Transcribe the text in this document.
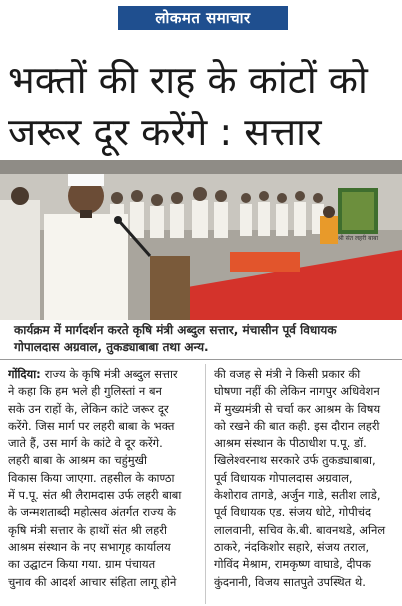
लोकमत समाचार
भक्तों की राह के कांटों को
जरूर दूर करेंगे : सत्तार
श्री संत लहरी बाबा
कार्यक्रम में मार्गदर्शन करते कृषि मंत्री अब्दुल सत्तार, मंचासीन पूर्व विधायक
गोपालदास अग्रवाल, तुकड्याबाबा तथा अन्य.
गोंदिया: राज्य के कृषि मंत्री अब्दुल सत्तार
ने कहा कि हम भले ही गुलिस्तां न बन
सके उन राहों के, लेकिन कांटे जरूर दूर
करेंगे. जिस मार्ग पर लहरी बाबा के भक्त
जाते हैं, उस मार्ग के कांटे वे दूर करेंगे.
लहरी बाबा के आश्रम का चहुंमुखी
विकास किया जाएगा. तहसील के काण्ठा
में प.पू. संत श्री लैरामदास उर्फ लहरी बाबा
के जन्मशताब्दी महोत्सव अंतर्गत राज्य के
कृषि मंत्री सत्तार के हाथों संत श्री लहरी
आश्रम संस्थान के नए सभागृह कार्यालय
का उद्घाटन किया गया. ग्राम पंचायत
चुनाव की आदर्श आचार संहिता लागू होने
की वजह से मंत्री ने किसी प्रकार की
घोषणा नहीं की लेकिन नागपुर अधिवेशन
में मुख्यमंत्री से चर्चा कर आश्रम के विषय
को रखने की बात कही. इस दौरान लहरी
आश्रम संस्थान के पीठाधीश प.पू. डॉ.
खिलेश्वरनाथ सरकारे उर्फ तुकड्याबाबा,
पूर्व विधायक गोपालदास अग्रवाल,
केशोराव तागडे, अर्जुन गाडे, सतीश लाडे,
पूर्व विधायक एड. संजय धोटे, गोपीचंद
लालवानी, सचिव के.बी. बावनथडे, अनिल
ठाकरे, नंदकिशोर सहारे, संजय तराल,
गोविंद मेश्राम, रामकृष्ण वाघाडे, दीपक
कुंदनानी, विजय सातपुते उपस्थित थे.
